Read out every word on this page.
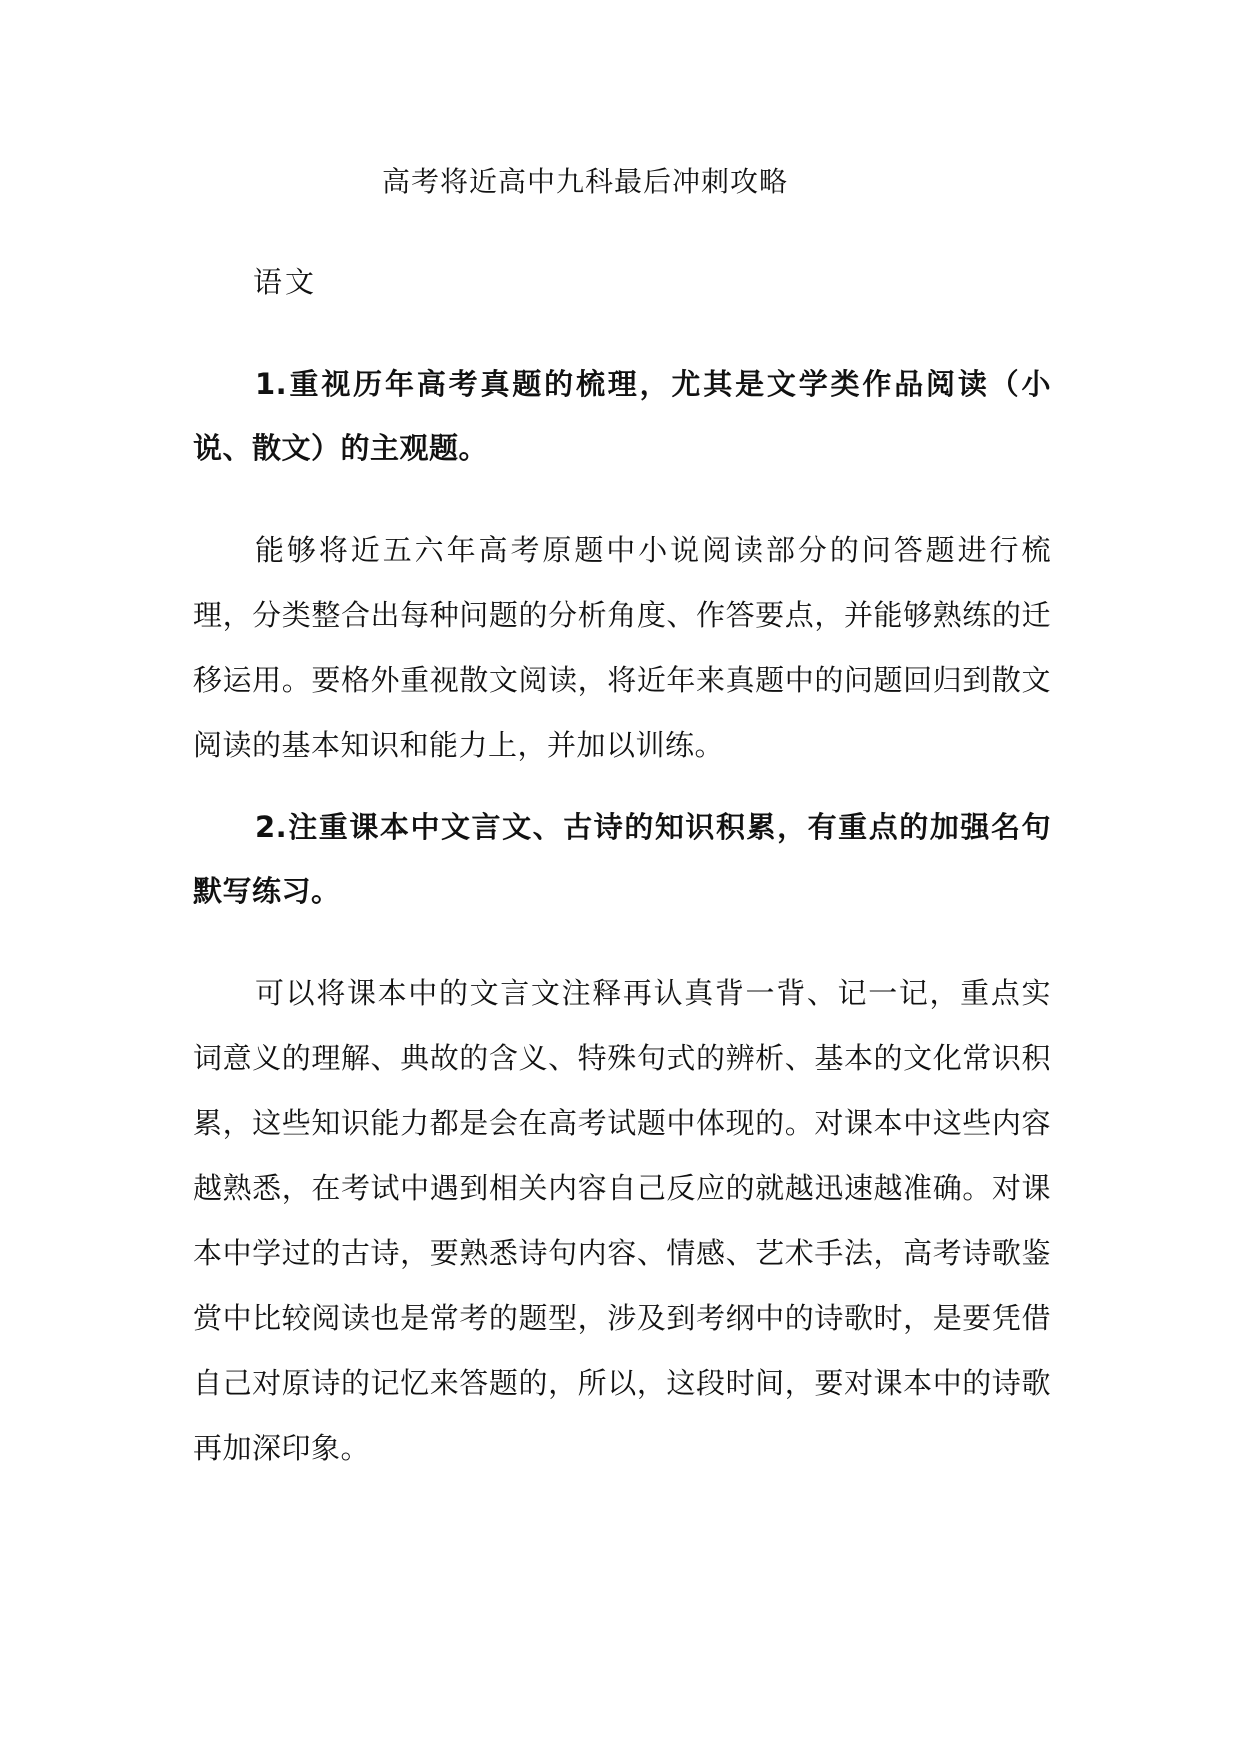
高考将近高中九科最后冲刺攻略
语文

1.重视历年高考真题的梳理，尤其是文学类作品阅读（小说、散文）的主观题。

能够将近五六年高考原题中小说阅读部分的问答题进行梳理，分类整合出每种问题的分析角度、作答要点，并能够熟练的迁移运用。要格外重视散文阅读，将近年来真题中的问题回归到散文阅读的基本知识和能力上，并加以训练。

2.注重课本中文言文、古诗的知识积累，有重点的加强名句默写练习。

可以将课本中的文言文注释再认真背一背、记一记，重点实词意义的理解、典故的含义、特殊句式的辨析、基本的文化常识积累，这些知识能力都是会在高考试题中体现的。对课本中这些内容越熟悉，在考试中遇到相关内容自己反应的就越迅速越准确。对课本中学过的古诗，要熟悉诗句内容、情感、艺术手法，高考诗歌鉴赏中比较阅读也是常考的题型，涉及到考纲中的诗歌时，是要凭借自己对原诗的记忆来答题的，所以，这段时间，要对课本中的诗歌再加深印象。
